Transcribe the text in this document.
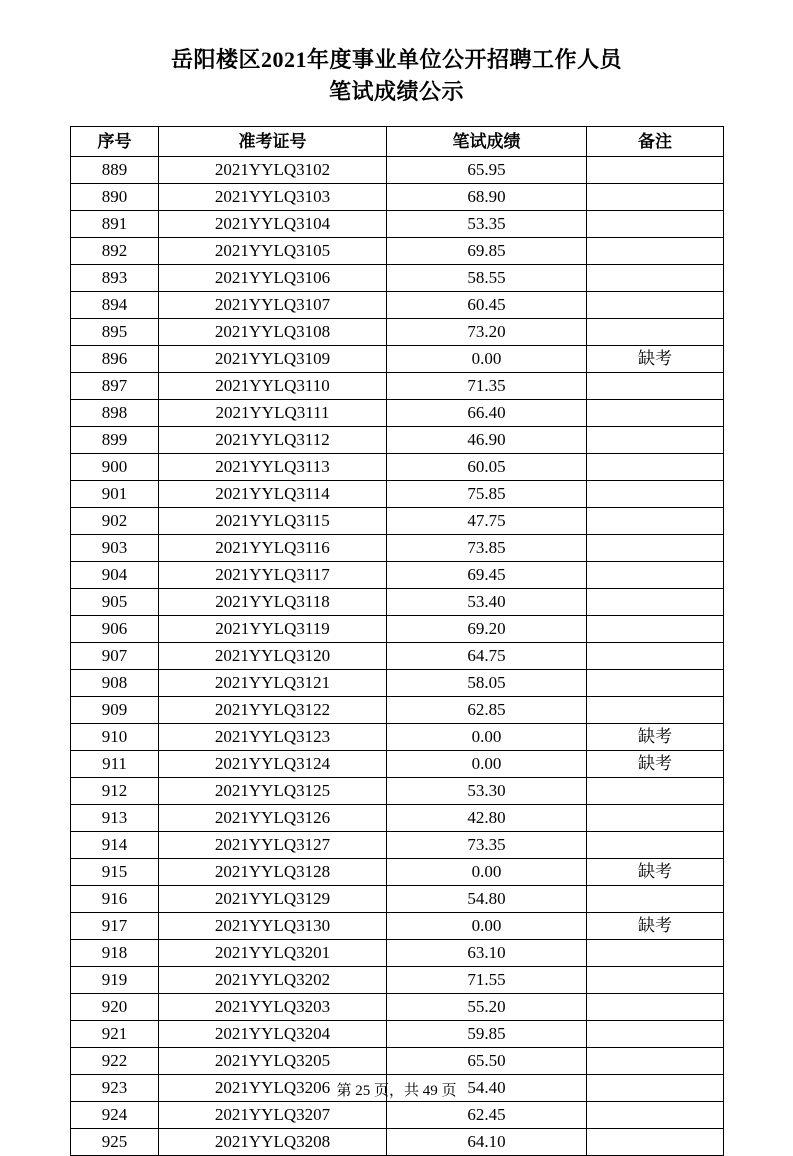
岳阳楼区2021年度事业单位公开招聘工作人员
笔试成绩公示
序号	准考证号	笔试成绩	备注
889	2021YYLQ3102	65.95	
890	2021YYLQ3103	68.90	
891	2021YYLQ3104	53.35	
892	2021YYLQ3105	69.85	
893	2021YYLQ3106	58.55	
894	2021YYLQ3107	60.45	
895	2021YYLQ3108	73.20	
896	2021YYLQ3109	0.00	缺考
897	2021YYLQ3110	71.35	
898	2021YYLQ3111	66.40	
899	2021YYLQ3112	46.90	
900	2021YYLQ3113	60.05	
901	2021YYLQ3114	75.85	
902	2021YYLQ3115	47.75	
903	2021YYLQ3116	73.85	
904	2021YYLQ3117	69.45	
905	2021YYLQ3118	53.40	
906	2021YYLQ3119	69.20	
907	2021YYLQ3120	64.75	
908	2021YYLQ3121	58.05	
909	2021YYLQ3122	62.85	
910	2021YYLQ3123	0.00	缺考
911	2021YYLQ3124	0.00	缺考
912	2021YYLQ3125	53.30	
913	2021YYLQ3126	42.80	
914	2021YYLQ3127	73.35	
915	2021YYLQ3128	0.00	缺考
916	2021YYLQ3129	54.80	
917	2021YYLQ3130	0.00	缺考
918	2021YYLQ3201	63.10	
919	2021YYLQ3202	71.55	
920	2021YYLQ3203	55.20	
921	2021YYLQ3204	59.85	
922	2021YYLQ3205	65.50	
923	2021YYLQ3206	54.40	
924	2021YYLQ3207	62.45	
925	2021YYLQ3208	64.10	
第 25 页，共 49 页
